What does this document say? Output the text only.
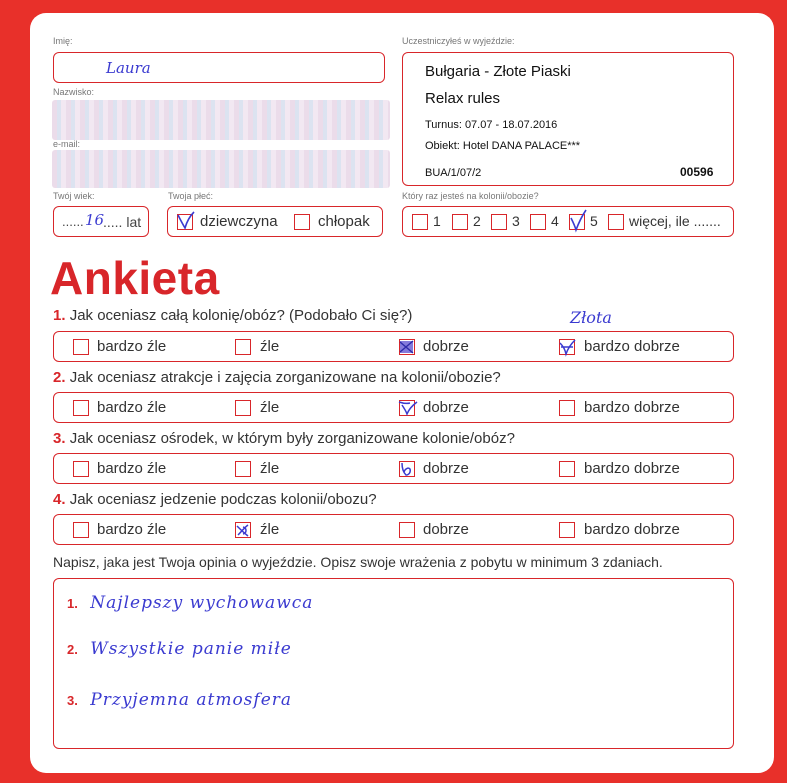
Imię:
Laura
Nazwisko:
e-mail:
Twój wiek:
...... 16
..... lat
Twoja płeć:
dziewczyna	chłopak
Uczestniczyłeś w wyjeździe:
Bułgaria - Złote Piaski
Relax rules
Turnus: 07.07 - 18.07.2016
Obiekt: Hotel DANA PALACE***
BUA/1/07/2	00596
Który raz jesteś na kolonii/obozie?
1 2 3 4 5 więcej, ile .......
Ankieta
Złota
1. Jak oceniasz całą kolonię/obóz? (Podobało Ci się?)
bardzo źle	źle	dobrze	bardzo dobrze
2. Jak oceniasz atrakcje i zajęcia zorganizowane na kolonii/obozie?
bardzo źle	źle	dobrze	bardzo dobrze
3. Jak oceniasz ośrodek, w którym były zorganizowane kolonie/obóz?
bardzo źle	źle	dobrze	bardzo dobrze
4. Jak oceniasz jedzenie podczas kolonii/obozu?
bardzo źle	źle	dobrze	bardzo dobrze
Napisz, jaka jest Twoja opinia o wyjeździe. Opisz swoje wrażenia z pobytu w minimum 3 zdaniach.
1. Najlepszy wychowawca
2. Wszystkie panie miłe
3. Przyjemna atmosfera
